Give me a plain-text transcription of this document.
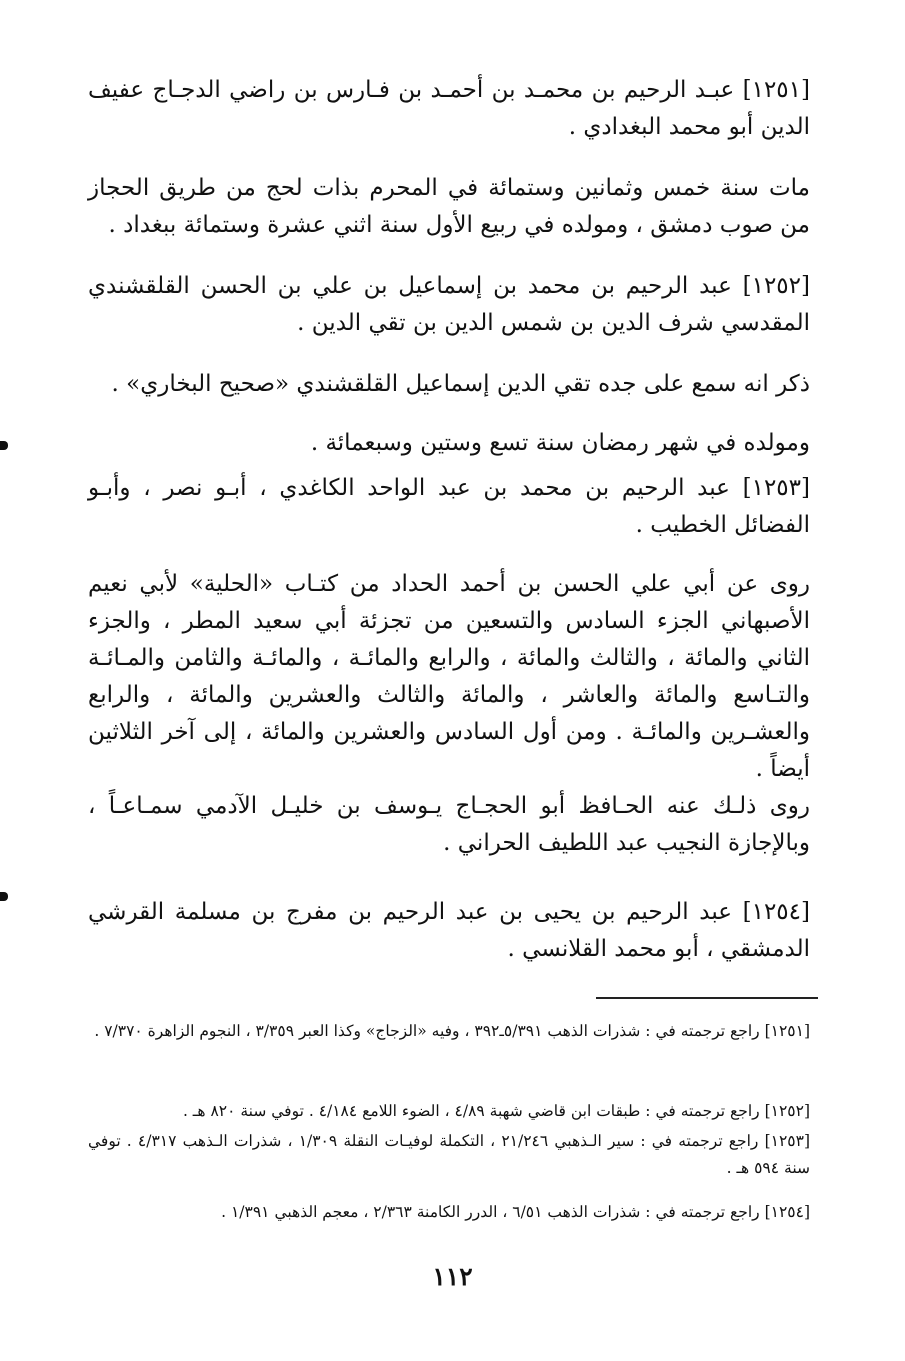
[١٢٥١] عبـد الرحيم بن محمـد بن أحمـد بن فـارس بن راضي الدجـاج عفيف الدين أبو محمد البغدادي .

مات سنة خمس وثمانين وستمائة في المحرم بذات لحج من طريق الحجاز من صوب دمشق ، ومولده في ربيع الأول سنة اثني عشرة وستمائة ببغداد .

[١٢٥٢] عبد الرحيم بن محمد بن إسماعيل بن علي بن الحسن القلقشندي المقدسي شرف الدين بن شمس الدين بن تقي الدين .

ذكر انه سمع على جده تقي الدين إسماعيل القلقشندي «صحيح البخاري» .

ومولده في شهر رمضان سنة تسع وستين وسبعمائة .

[١٢٥٣] عبد الرحيم بن محمد بن عبد الواحد الكاغدي ، أبـو نصر ، وأبـو الفضائل الخطيب .

روى عن أبي علي الحسن بن أحمد الحداد من كتـاب «الحلية» لأبي نعيم الأصبهاني الجزء السادس والتسعين من تجزئة أبي سعيد المطر ، والجزء الثاني والمائة ، والثالث والمائة ، والرابع والمائـة ، والمائـة والثامن والمـائـة والتـاسع والمائة والعاشر ، والمائة والثالث والعشرين والمائة ، والرابع والعشـرين والمائـة . ومن أول السادس والعشرين والمائة ، إلى آخر الثلاثين أيضاً .

روى ذلـك عنه الحـافظ أبو الحجـاج يـوسف بن خليـل الآدمي سمـاعـاً ، وبالإجازة النجيب عبد اللطيف الحراني .

[١٢٥٤] عبد الرحيم بن يحيى بن عبد الرحيم بن مفرج بن مسلمة القرشي الدمشقي ، أبو محمد القلانسي .

[١٢٥١] راجع ترجمته في : شذرات الذهب ٥/٣٩١ـ٣٩٢ ، وفيه «الزجاج» وكذا العبر ٣/٣٥٩ ، النجوم الزاهرة ٧/٣٧٠ .

[١٢٥٢] راجع ترجمته في : طبقات ابن قاضي شهبة ٤/٨٩ ، الضوء اللامع ٤/١٨٤ . توفي سنة ٨٢٠ هـ .

[١٢٥٣] راجع ترجمته في : سير الـذهبي ٢١/٢٤٦ ، التكملة لوفيـات النقلة ١/٣٠٩ ، شذرات الـذهب ٤/٣١٧ . توفي سنة ٥٩٤ هـ .

[١٢٥٤] راجع ترجمته في : شذرات الذهب ٦/٥١ ، الدرر الكامنة ٢/٣٦٣ ، معجم الذهبي ١/٣٩١ .

١١٢
